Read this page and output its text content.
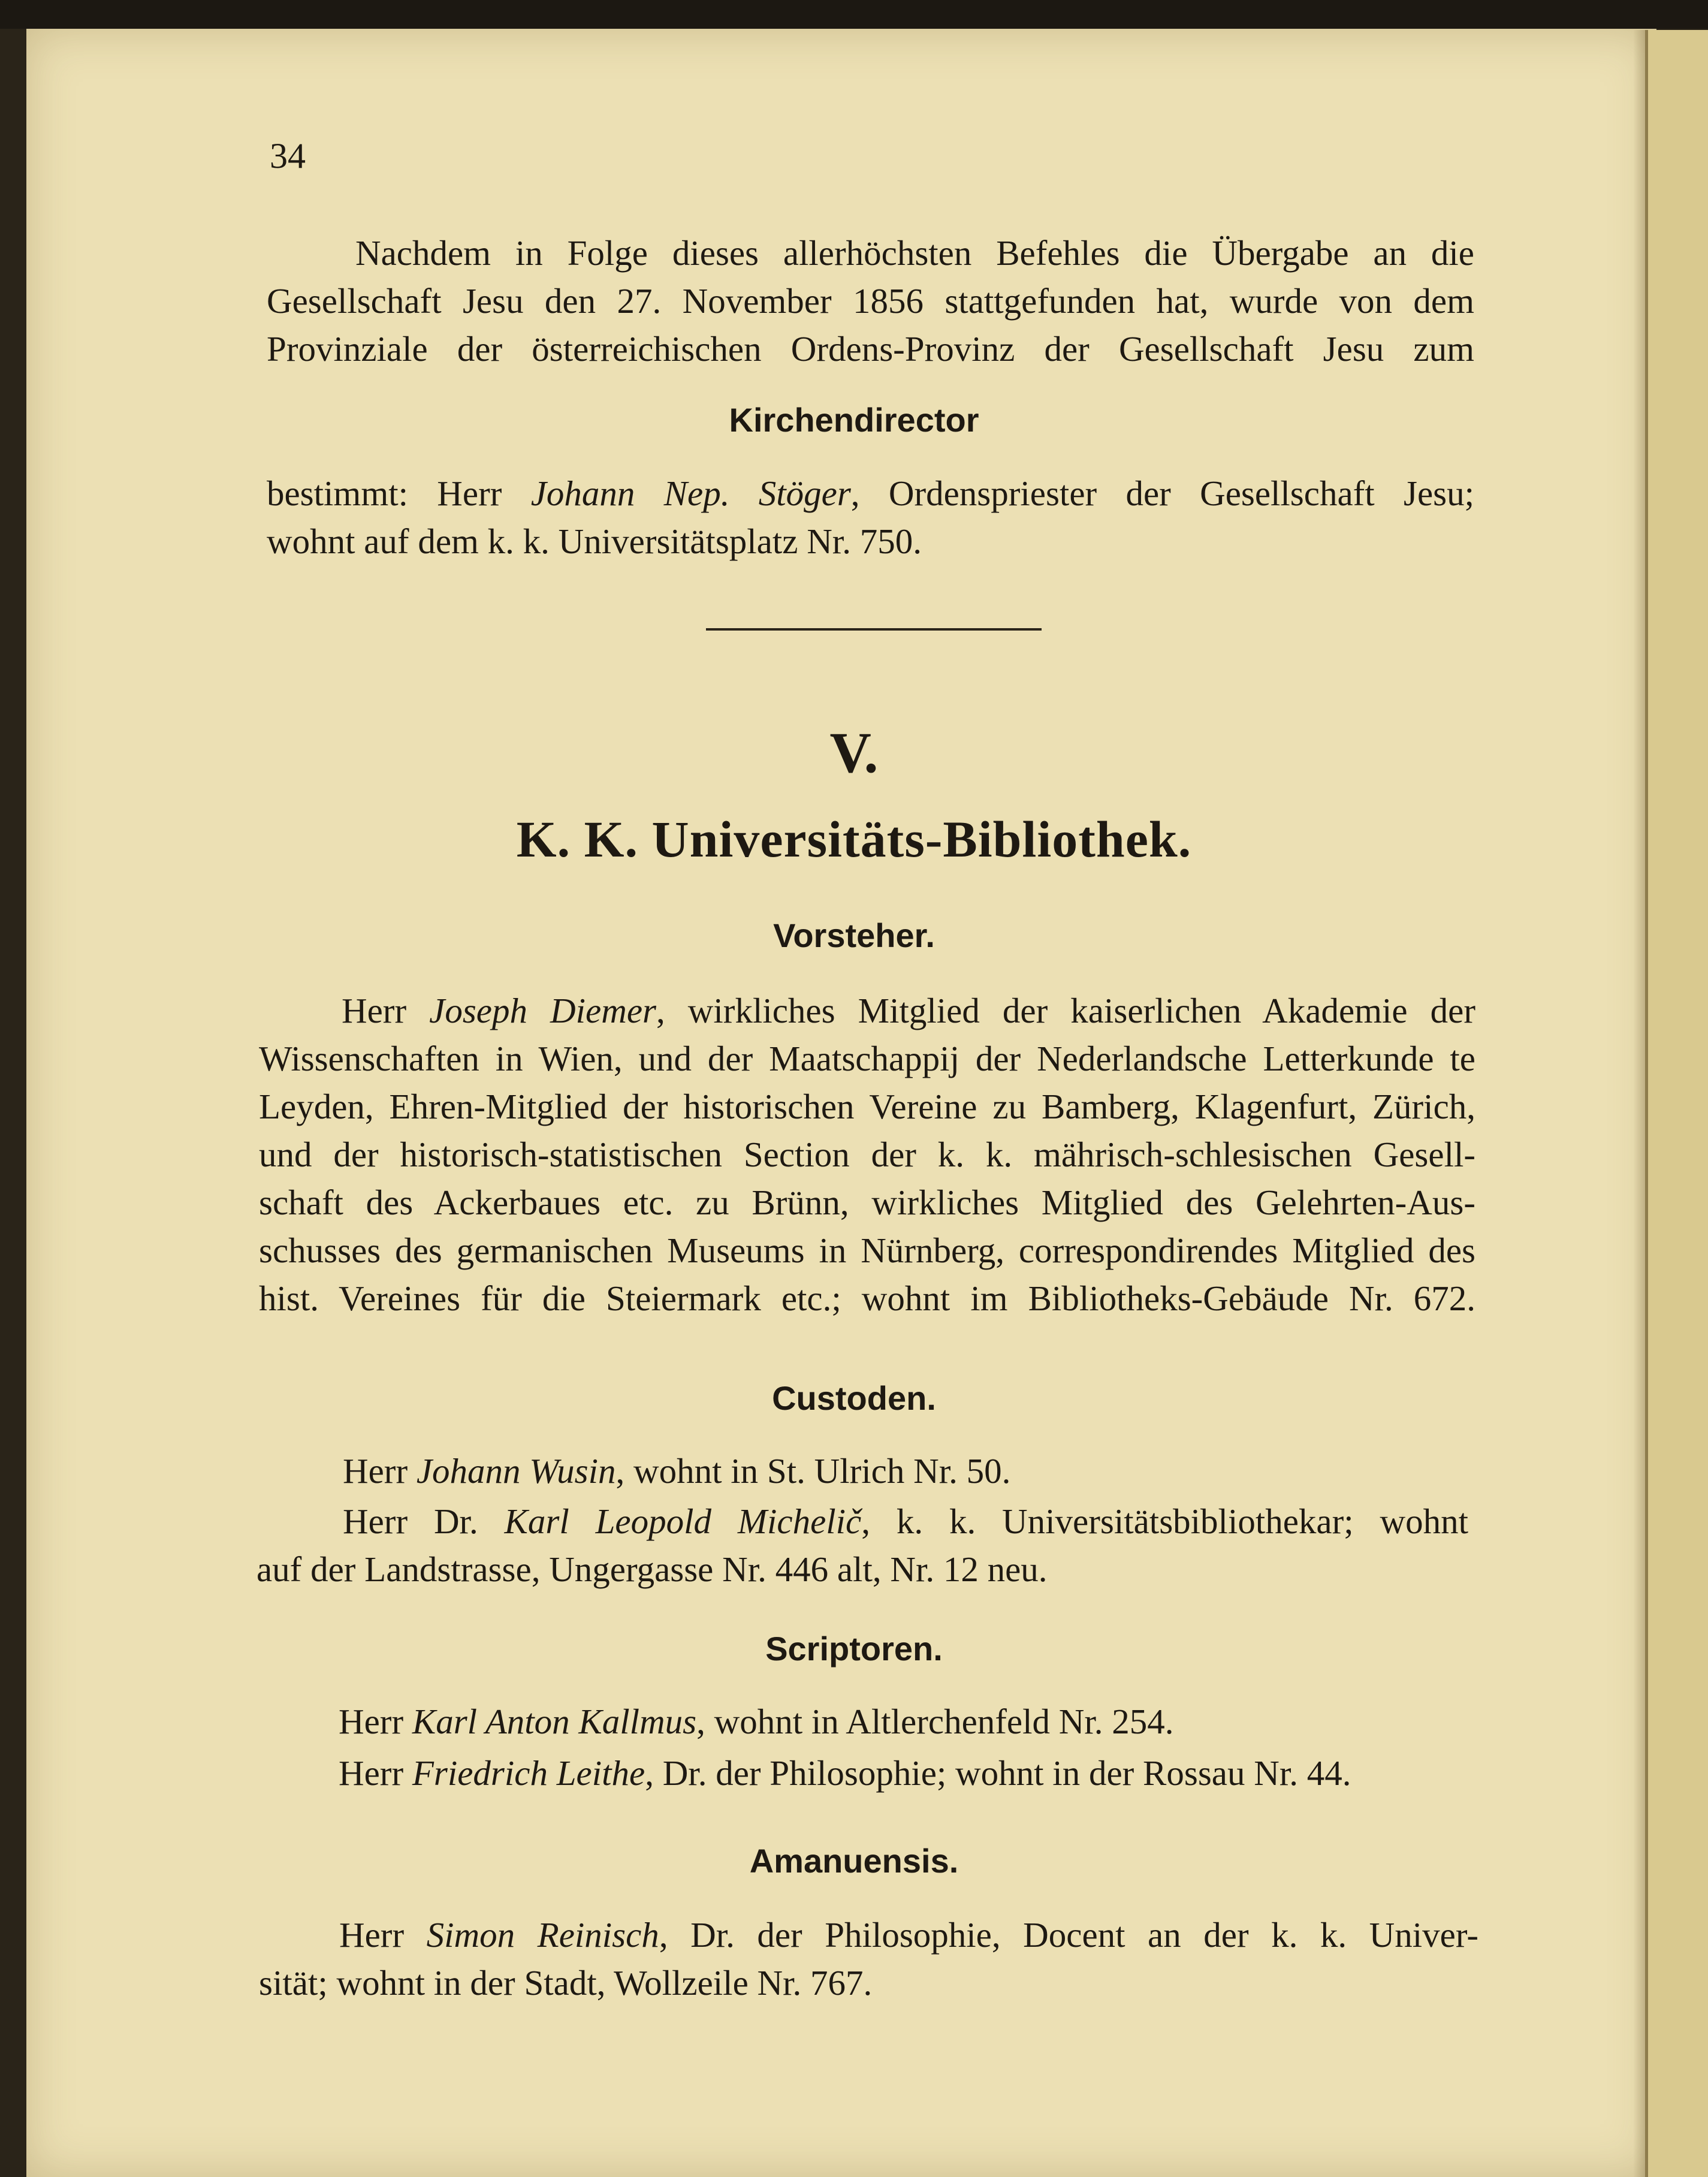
34
Nachdem in Folge dieses allerhöchsten Befehles die Übergabe an die
Gesellschaft Jesu den 27. November 1856 stattgefunden hat, wurde von dem
Provinziale der österreichischen Ordens-Provinz der Gesellschaft Jesu zum
Kirchendirector
bestimmt: Herr Johann Nep. Stöger, Ordenspriester der Gesellschaft Jesu;
wohnt auf dem k. k. Universitätsplatz Nr. 750.
V.
K. K. Universitäts-Bibliothek.
Vorsteher.
Herr Joseph Diemer, wirkliches Mitglied der kaiserlichen Akademie der
Wissenschaften in Wien, und der Maatschappij der Nederlandsche Letterkunde te
Leyden, Ehren-Mitglied der historischen Vereine zu Bamberg, Klagenfurt, Zürich,
und der historisch-statistischen Section der k. k. mährisch-schlesischen Gesell-
schaft des Ackerbaues etc. zu Brünn, wirkliches Mitglied des Gelehrten-Aus-
schusses des germanischen Museums in Nürnberg, correspondirendes Mitglied des
hist. Vereines für die Steiermark etc.; wohnt im Bibliotheks-Gebäude Nr. 672.
Custoden.
Herr Johann Wusin, wohnt in St. Ulrich Nr. 50.
Herr Dr. Karl Leopold Michelič, k. k. Universitätsbibliothekar; wohnt
auf der Landstrasse, Ungergasse Nr. 446 alt, Nr. 12 neu.
Scriptoren.
Herr Karl Anton Kallmus, wohnt in Altlerchenfeld Nr. 254.
Herr Friedrich Leithe, Dr. der Philosophie; wohnt in der Rossau Nr. 44.
Amanuensis.
Herr Simon Reinisch, Dr. der Philosophie, Docent an der k. k. Univer-
sität; wohnt in der Stadt, Wollzeile Nr. 767.
